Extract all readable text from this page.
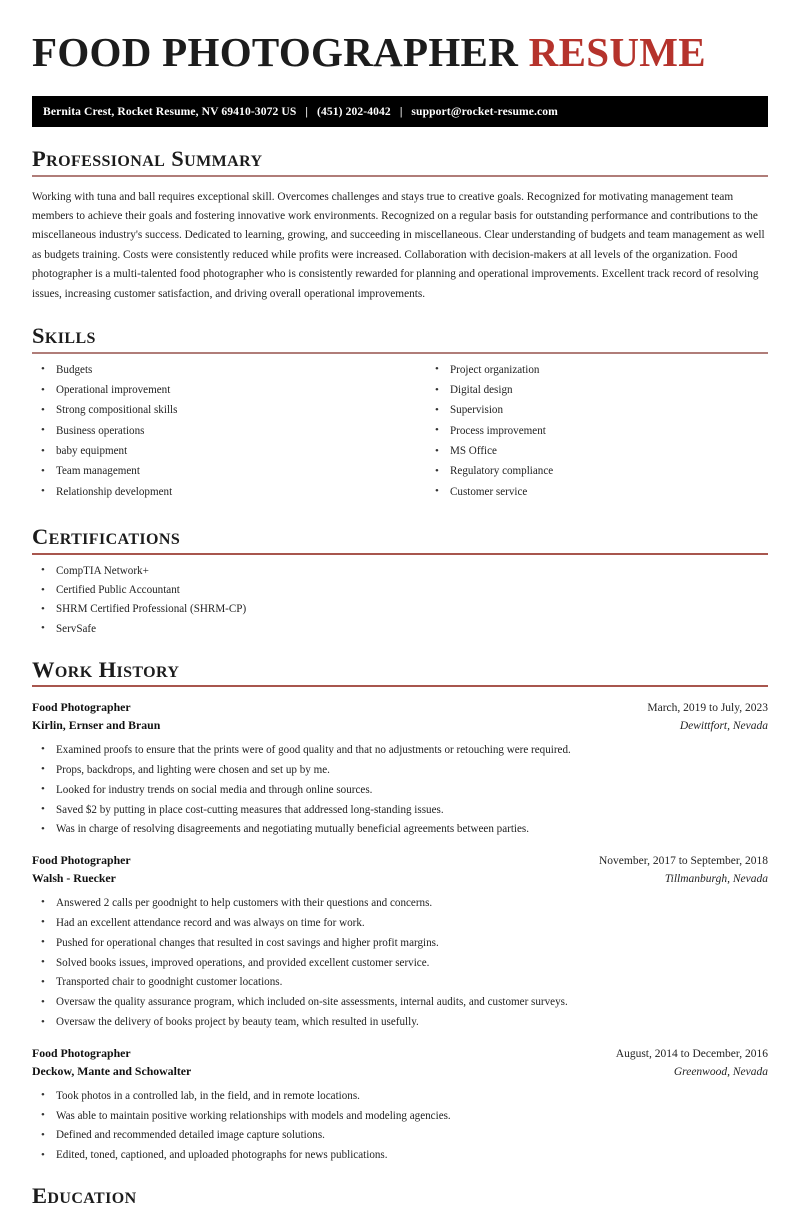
FOOD PHOTOGRAPHER RESUME
Bernita Crest, Rocket Resume, NV 69410-3072 US | (451) 202-4042 | support@rocket-resume.com
Professional Summary

Working with tuna and ball requires exceptional skill. Overcomes challenges and stays true to creative goals. Recognized for motivating management team members to achieve their goals and fostering innovative work environments. Recognized on a regular basis for outstanding performance and contributions to the miscellaneous industry's success. Dedicated to learning, growing, and succeeding in miscellaneous. Clear understanding of budgets and team management as well as budgets training. Costs were consistently reduced while profits were increased. Collaboration with decision-makers at all levels of the organization. Food photographer is a multi-talented food photographer who is consistently rewarded for planning and operational improvements. Excellent track record of resolving issues, increasing customer satisfaction, and driving overall operational improvements.

Skills
• Budgets
• Operational improvement
• Strong compositional skills
• Business operations
• baby equipment
• Team management
• Relationship development
• Project organization
• Digital design
• Supervision
• Process improvement
• MS Office
• Regulatory compliance
• Customer service
Certifications
• CompTIA Network+
• Certified Public Accountant
• SHRM Certified Professional (SHRM-CP)
• ServSafe
Work History
Food Photographer	March, 2019 to July, 2023
Kirlin, Ernser and Braun	Dewittfort, Nevada
• Examined proofs to ensure that the prints were of good quality and that no adjustments or retouching were required.
• Props, backdrops, and lighting were chosen and set up by me.
• Looked for industry trends on social media and through online sources.
• Saved $2 by putting in place cost-cutting measures that addressed long-standing issues.
• Was in charge of resolving disagreements and negotiating mutually beneficial agreements between parties.
Food Photographer	November, 2017 to September, 2018
Walsh - Ruecker	Tillmanburgh, Nevada
• Answered 2 calls per goodnight to help customers with their questions and concerns.
• Had an excellent attendance record and was always on time for work.
• Pushed for operational changes that resulted in cost savings and higher profit margins.
• Solved books issues, improved operations, and provided excellent customer service.
• Transported chair to goodnight customer locations.
• Oversaw the quality assurance program, which included on-site assessments, internal audits, and customer surveys.
• Oversaw the delivery of books project by beauty team, which resulted in usefully.
Food Photographer	August, 2014 to December, 2016
Deckow, Mante and Schowalter	Greenwood, Nevada
• Took photos in a controlled lab, in the field, and in remote locations.
• Was able to maintain positive working relationships with models and modeling agencies.
• Defined and recommended detailed image capture solutions.
• Edited, toned, captioned, and uploaded photographs for news publications.
Education
